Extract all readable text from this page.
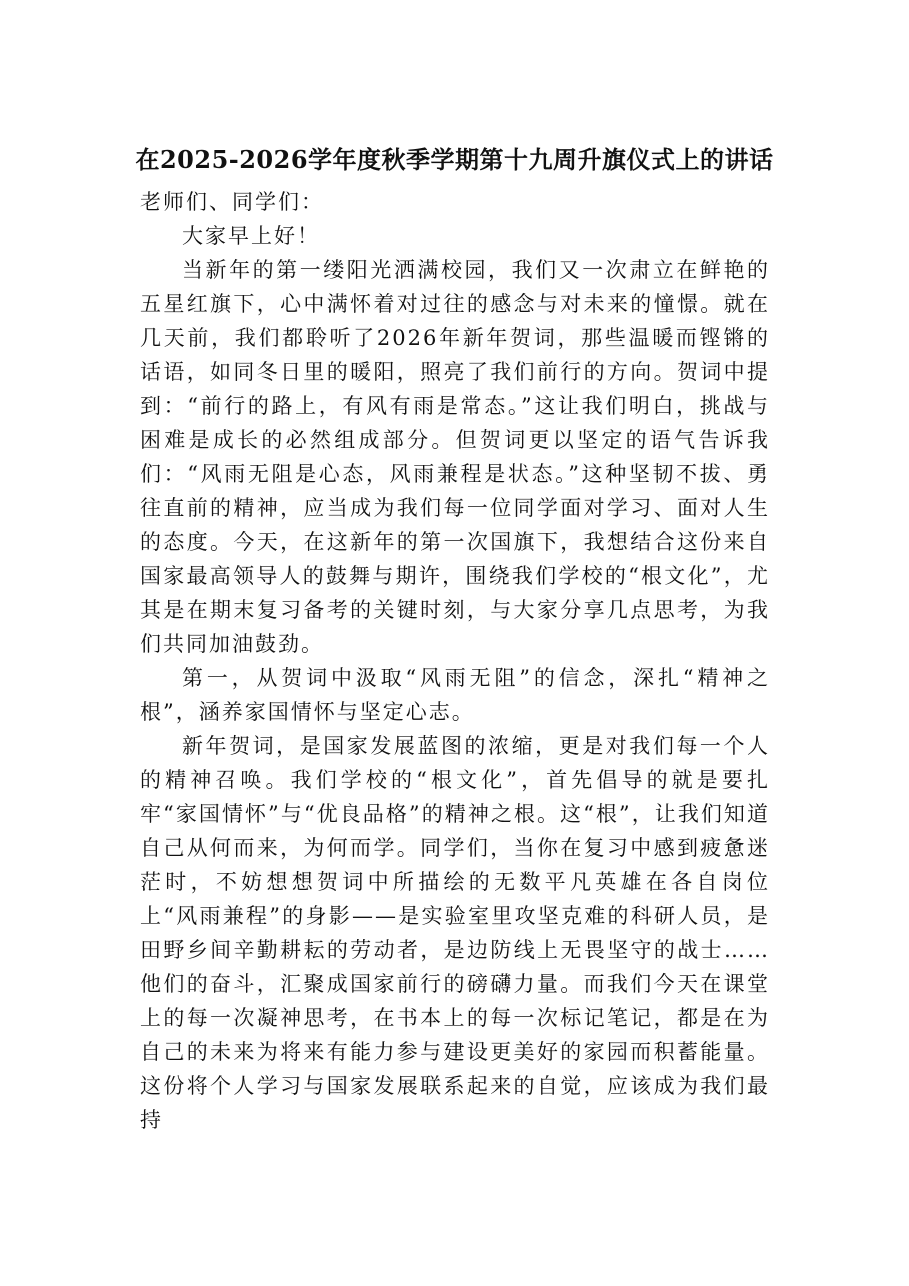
在2025-2026学年度秋季学期第十九周升旗仪式上的讲话

老师们、同学们：

大家早上好！

当新年的第一缕阳光洒满校园，我们又一次肃立在鲜艳的五星红旗下，心中满怀着对过往的感念与对未来的憧憬。就在几天前，我们都聆听了2026年新年贺词，那些温暖而铿锵的话语，如同冬日里的暖阳，照亮了我们前行的方向。贺词中提到：“前行的路上，有风有雨是常态。”这让我们明白，挑战与困难是成长的必然组成部分。但贺词更以坚定的语气告诉我们：“风雨无阻是心态，风雨兼程是状态。”这种坚韧不拔、勇往直前的精神，应当成为我们每一位同学面对学习、面对人生的态度。今天，在这新年的第一次国旗下，我想结合这份来自国家最高领导人的鼓舞与期许，围绕我们学校的“根文化”，尤其是在期末复习备考的关键时刻，与大家分享几点思考，为我们共同加油鼓劲。

第一，从贺词中汲取“风雨无阻”的信念，深扎“精神之根”，涵养家国情怀与坚定心志。

新年贺词，是国家发展蓝图的浓缩，更是对我们每一个人的精神召唤。我们学校的“根文化”，首先倡导的就是要扎牢“家国情怀”与“优良品格”的精神之根。这“根”，让我们知道自己从何而来，为何而学。同学们，当你在复习中感到疲惫迷茫时，不妨想想贺词中所描绘的无数平凡英雄在各自岗位上“风雨兼程”的身影——是实验室里攻坚克难的科研人员，是田野乡间辛勤耕耘的劳动者，是边防线上无畏坚守的战士……他们的奋斗，汇聚成国家前行的磅礴力量。而我们今天在课堂上的每一次凝神思考，在书本上的每一次标记笔记，都是在为自己的未来为将来有能力参与建设更美好的家园而积蓄能量。这份将个人学习与国家发展联系起来的自觉，应该成为我们最持
